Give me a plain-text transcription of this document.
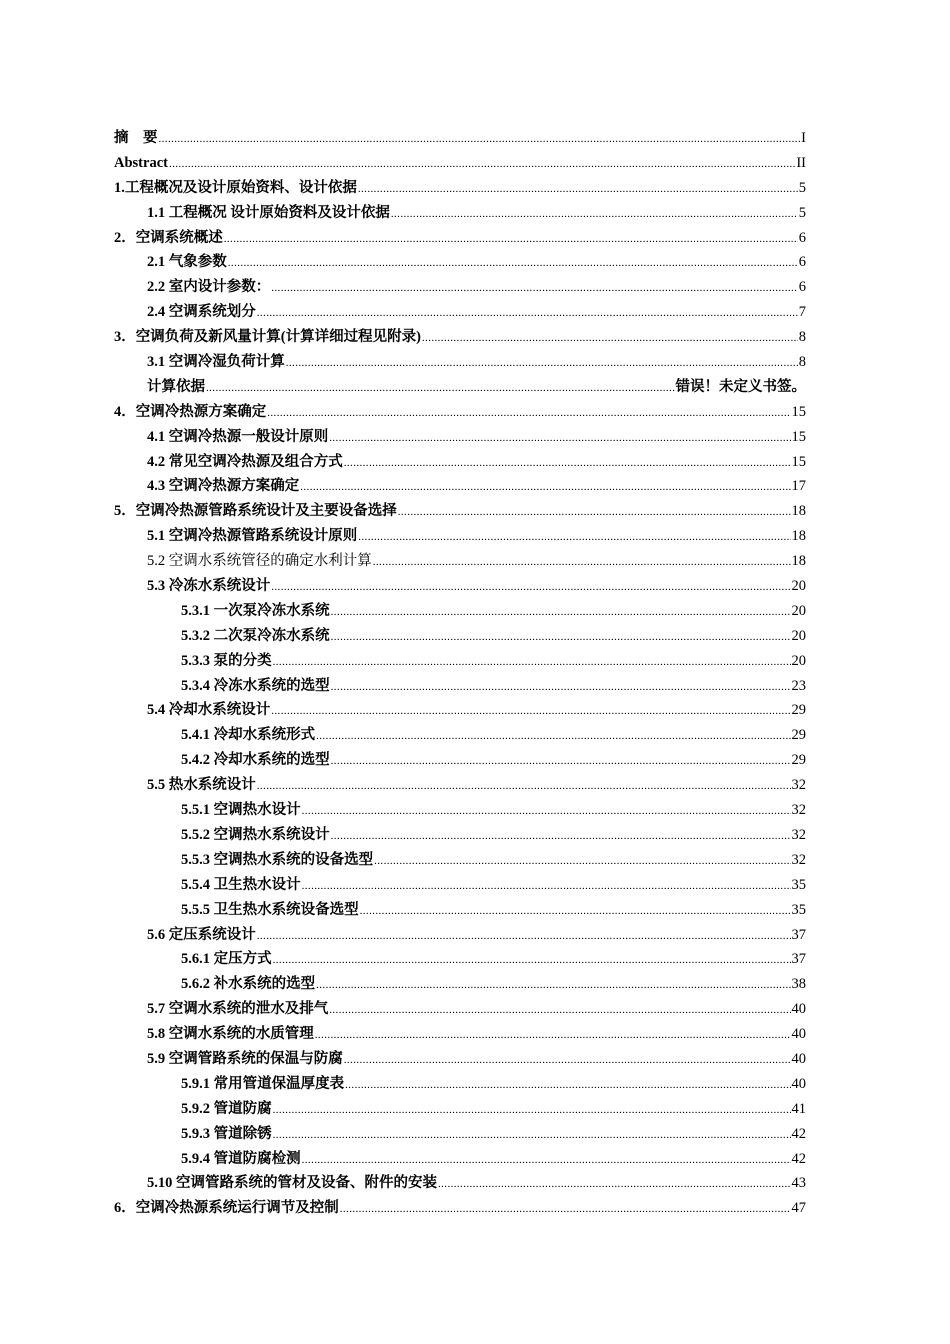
摘　要 .....	I
Abstract .....	II
1.工程概况及设计原始资料、设计依据 .....	5
1.1 工程概况 设计原始资料及设计依据 .....	5
2．空调系统概述 .....	6
2.1 气象参数 .....	6
2.2 室内设计参数： .....	6
2.4 空调系统划分 .....	7
3．空调负荷及新风量计算(计算详细过程见附录) .....	8
3.1 空调冷湿负荷计算 .....	8
计算依据 .....	错误！未定义书签。
4．空调冷热源方案确定 .....	15
4.1 空调冷热源一般设计原则 .....	15
4.2 常见空调冷热源及组合方式 .....	15
4.3 空调冷热源方案确定 .....	17
5．空调冷热源管路系统设计及主要设备选择 .....	18
5.1 空调冷热源管路系统设计原则 .....	18
5.2 空调水系统管径的确定水利计算 .....	18
5.3 冷冻水系统设计 .....	20
5.3.1 一次泵冷冻水系统 .....	20
5.3.2 二次泵冷冻水系统 .....	20
5.3.3 泵的分类 .....	20
5.3.4 冷冻水系统的选型 .....	23
5.4 冷却水系统设计 .....	29
5.4.1 冷却水系统形式 .....	29
5.4.2 冷却水系统的选型 .....	29
5.5 热水系统设计 .....	32
5.5.1 空调热水设计 .....	32
5.5.2 空调热水系统设计 .....	32
5.5.3 空调热水系统的设备选型 .....	32
5.5.4 卫生热水设计 .....	35
5.5.5 卫生热水系统设备选型 .....	35
5.6 定压系统设计 .....	37
5.6.1 定压方式 .....	37
5.6.2 补水系统的选型 .....	38
5.7 空调水系统的泄水及排气 .....	40
5.8 空调水系统的水质管理 .....	40
5.9 空调管路系统的保温与防腐 .....	40
5.9.1 常用管道保温厚度表 .....	40
5.9.2 管道防腐 .....	41
5.9.3 管道除锈 .....	42
5.9.4 管道防腐检测 .....	42
5.10 空调管路系统的管材及设备、附件的安装 .....	43
6．空调冷热源系统运行调节及控制 .....	47
